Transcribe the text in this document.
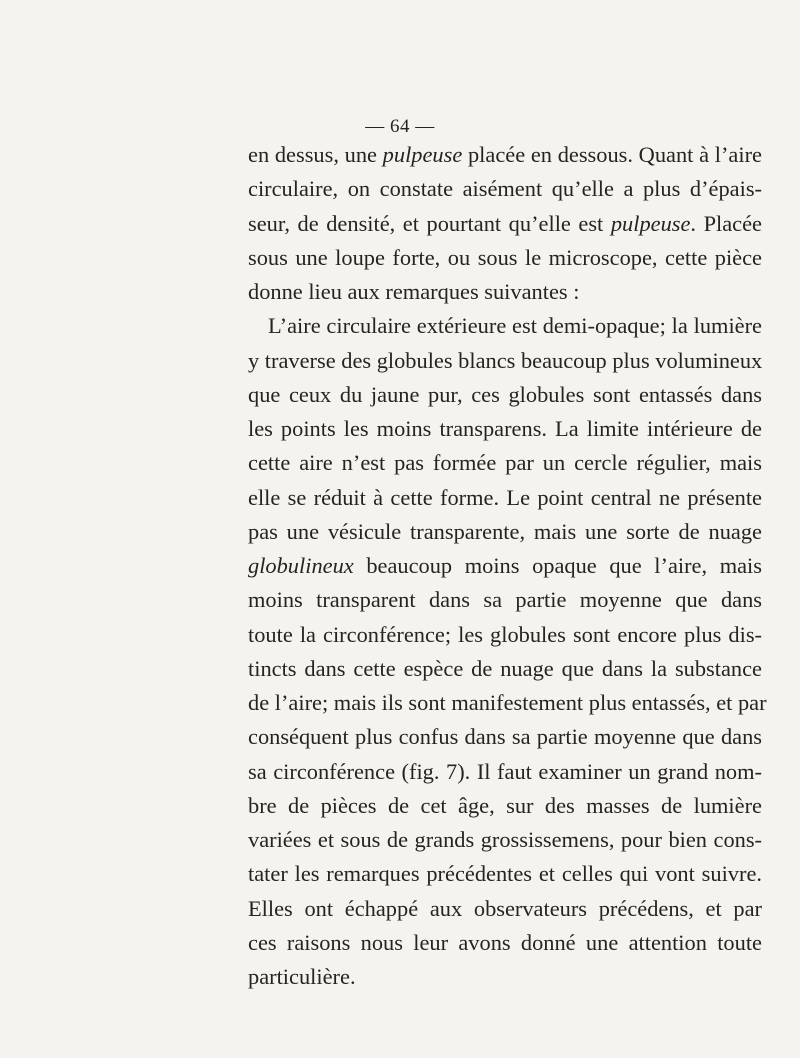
— 64 —
en dessus, une pulpeuse placée en dessous. Quant à l’aire
circulaire, on constate aisément qu’elle a plus d’épais-
seur, de densité, et pourtant qu’elle est pulpeuse. Placée
sous une loupe forte, ou sous le microscope, cette pièce
donne lieu aux remarques suivantes :
L’aire circulaire extérieure est demi-opaque; la lumière
y traverse des globules blancs beaucoup plus volumineux
que ceux du jaune pur, ces globules sont entassés dans
les points les moins transparens. La limite intérieure de
cette aire n’est pas formée par un cercle régulier, mais
elle se réduit à cette forme. Le point central ne présente
pas une vésicule transparente, mais une sorte de nuage
globulineux beaucoup moins opaque que l’aire, mais
moins transparent dans sa partie moyenne que dans
toute la circonférence; les globules sont encore plus dis-
tincts dans cette espèce de nuage que dans la substance
de l’aire; mais ils sont manifestement plus entassés, et par
conséquent plus confus dans sa partie moyenne que dans
sa circonférence (fig. 7). Il faut examiner un grand nom-
bre de pièces de cet âge, sur des masses de lumière
variées et sous de grands grossissemens, pour bien cons-
tater les remarques précédentes et celles qui vont suivre.
Elles ont échappé aux observateurs précédens, et par
ces raisons nous leur avons donné une attention toute
particulière.
